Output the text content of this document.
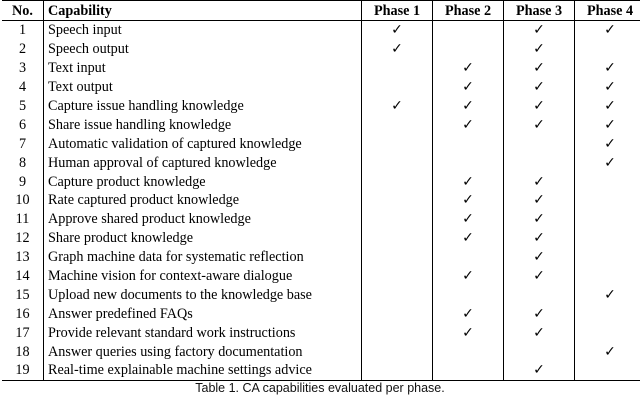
No.	Capability	Phase 1	Phase 2	Phase 3	Phase 4
1	Speech input	✓		✓	✓
2	Speech output	✓		✓	
3	Text input		✓	✓	✓
4	Text output		✓	✓	✓
5	Capture issue handling knowledge	✓	✓	✓	✓
6	Share issue handling knowledge		✓	✓	✓
7	Automatic validation of captured knowledge				✓
8	Human approval of captured knowledge				✓
9	Capture product knowledge		✓	✓	
10	Rate captured product knowledge		✓	✓	
11	Approve shared product knowledge		✓	✓	
12	Share product knowledge		✓	✓	
13	Graph machine data for systematic reflection			✓	
14	Machine vision for context-aware dialogue		✓	✓	
15	Upload new documents to the knowledge base				✓
16	Answer predefined FAQs		✓	✓	
17	Provide relevant standard work instructions		✓	✓	
18	Answer queries using factory documentation				✓
19	Real-time explainable machine settings advice			✓	
Table 1. CA capabilities evaluated per phase.
